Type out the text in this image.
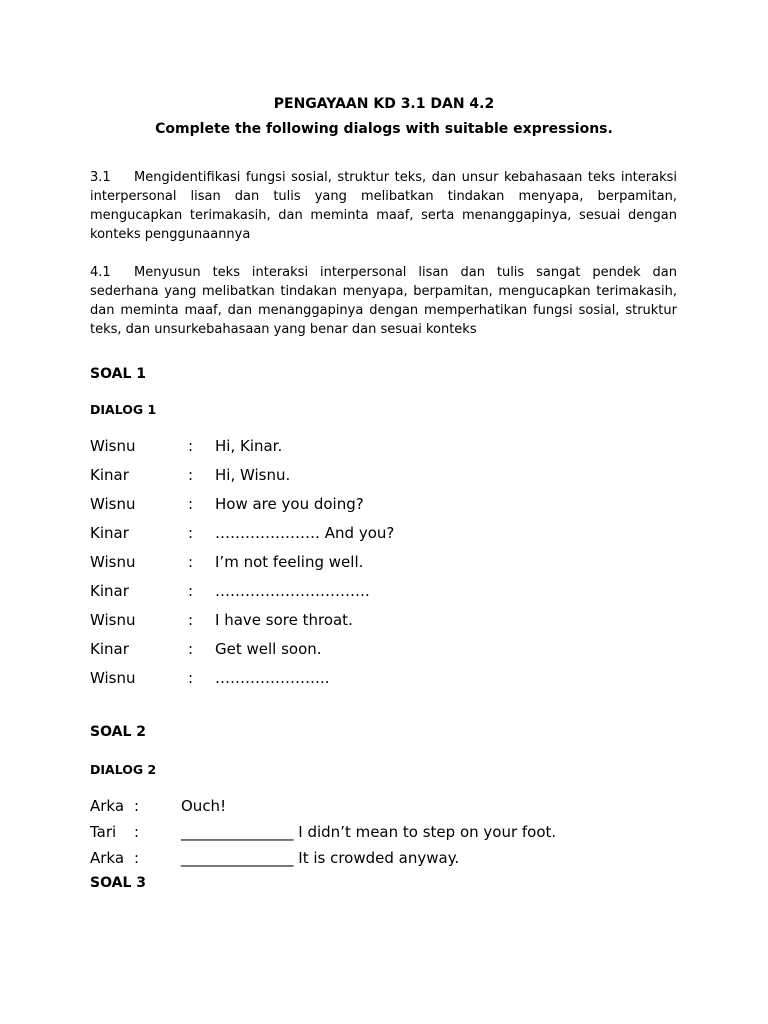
PENGAYAAN KD 3.1 DAN 4.2
Complete the following dialogs with suitable expressions.
3.1 Mengidentifikasi fungsi sosial, struktur teks, dan unsur kebahasaan teks interaksi interpersonal lisan dan tulis yang melibatkan tindakan menyapa, berpamitan, mengucapkan terimakasih, dan meminta maaf, serta menanggapinya, sesuai dengan konteks penggunaannya
4.1 Menyusun teks interaksi interpersonal lisan dan tulis sangat pendek dan sederhana yang melibatkan tindakan menyapa, berpamitan, mengucapkan terimakasih, dan meminta maaf, dan menanggapinya dengan memperhatikan fungsi sosial, struktur teks, dan unsurkebahasaan yang benar dan sesuai konteks
SOAL 1
DIALOG 1
Wisnu	: Hi, Kinar.
Kinar	: Hi, Wisnu.
Wisnu	: How are you doing?
Kinar	: ………………… And you?
Wisnu	: I’m not feeling well.
Kinar	: ………………………….
Wisnu	: I have sore throat.
Kinar	: Get well soon.
Wisnu	: …………………..
SOAL 2
DIALOG 2
Arka :	Ouch!
Tari :	_______________ I didn’t mean to step on your foot.
Arka :	_______________ It is crowded anyway.
SOAL 3
